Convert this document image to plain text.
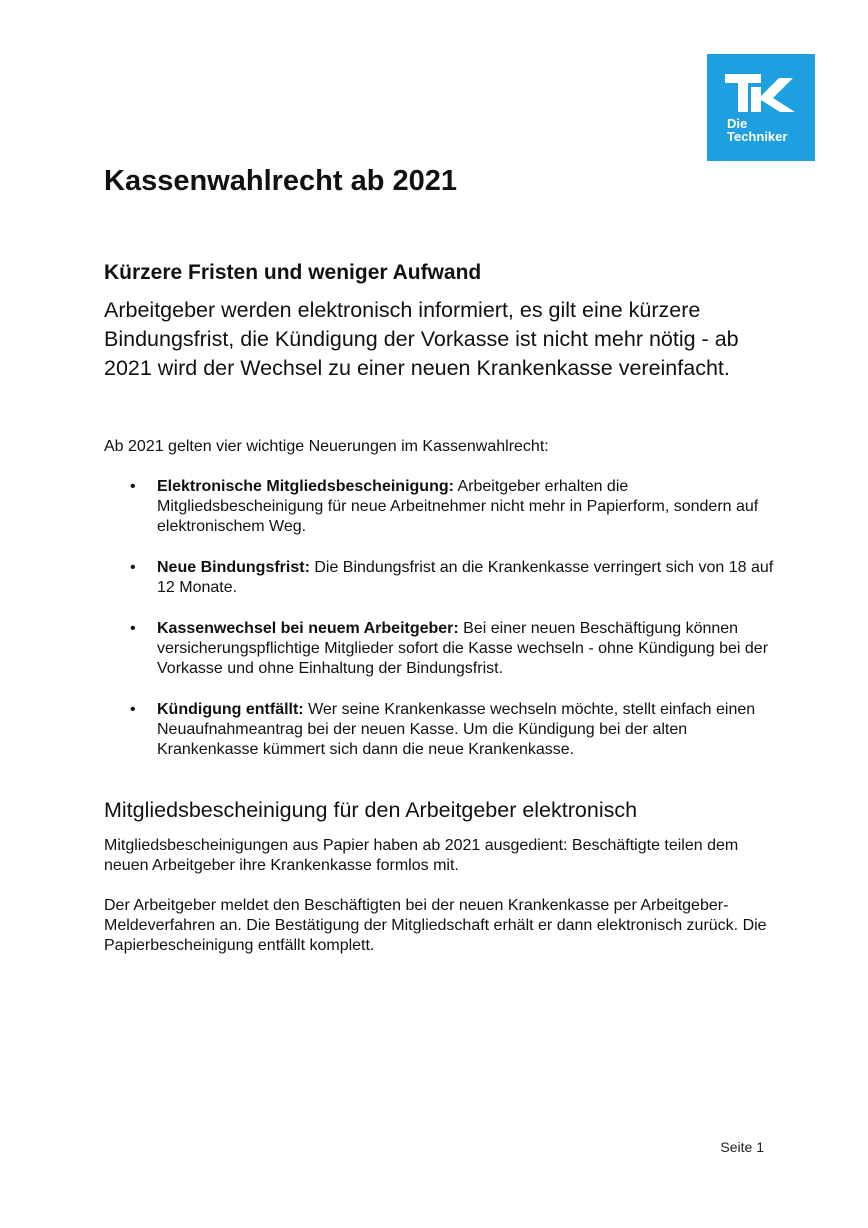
Die
Techniker
Kassenwahlrecht ab 2021
Kürzere Fristen und weniger Aufwand

Arbeitgeber werden elektronisch informiert, es gilt eine kürzere Bindungsfrist, die Kündigung der Vorkasse ist nicht mehr nötig - ab 2021 wird der Wechsel zu einer neuen Krankenkasse vereinfacht.

Ab 2021 gelten vier wichtige Neuerungen im Kassenwahlrecht:

• Elektronische Mitgliedsbescheinigung: Arbeitgeber erhalten die Mitgliedsbescheinigung für neue Arbeitnehmer nicht mehr in Papierform, sondern auf elektronischem Weg.
• Neue Bindungsfrist: Die Bindungsfrist an die Krankenkasse verringert sich von 18 auf 12 Monate.
• Kassenwechsel bei neuem Arbeitgeber: Bei einer neuen Beschäftigung können versicherungspflichtige Mitglieder sofort die Kasse wechseln - ohne Kündigung bei der Vorkasse und ohne Einhaltung der Bindungsfrist.
• Kündigung entfällt: Wer seine Krankenkasse wechseln möchte, stellt einfach einen Neuaufnahmeantrag bei der neuen Kasse. Um die Kündigung bei der alten Krankenkasse kümmert sich dann die neue Krankenkasse.
Mitgliedsbescheinigung für den Arbeitgeber elektronisch

Mitgliedsbescheinigungen aus Papier haben ab 2021 ausgedient: Beschäftigte teilen dem neuen Arbeitgeber ihre Krankenkasse formlos mit.

Der Arbeitgeber meldet den Beschäftigten bei der neuen Krankenkasse per Arbeitgeber-Meldeverfahren an. Die Bestätigung der Mitgliedschaft erhält er dann elektronisch zurück. Die Papierbescheinigung entfällt komplett.

Seite 1
